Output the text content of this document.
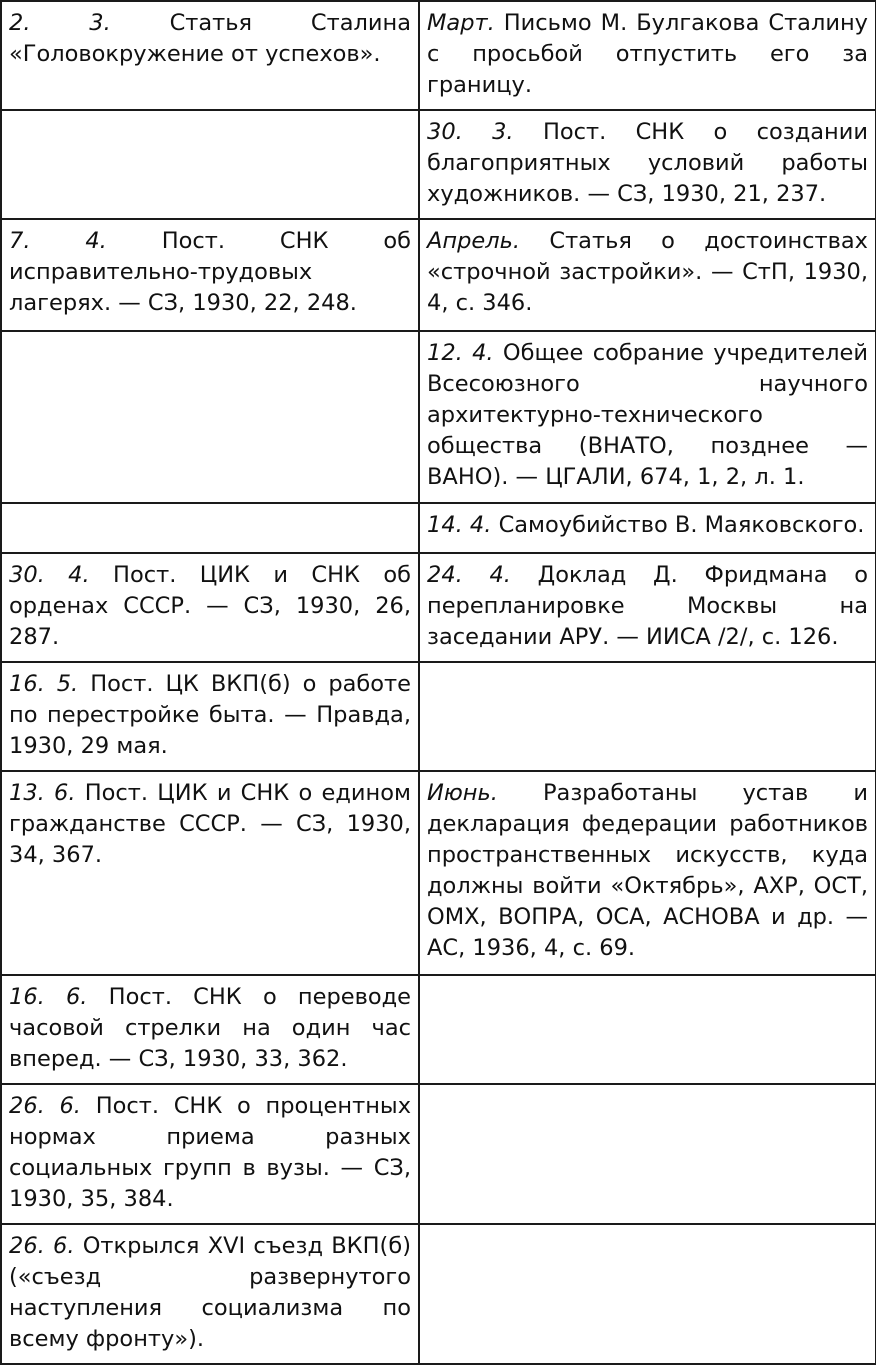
2. 3. Статья Сталина «Головокружение от успехов».	Март. Письмо М. Булгакова Сталину с просьбой отпустить его за границу.
	30. 3. Пост. СНК о создании благоприятных условий работы художников. — СЗ, 1930, 21, 237.
7. 4. Пост. СНК об исправительно-трудовых лагерях. — СЗ, 1930, 22, 248.	Апрель. Статья о достоинствах «строчной застройки». — СтП, 1930, 4, с. 346.
	12. 4. Общее собрание учредителей Всесоюзного научного архитектурно-технического общества (ВНАТО, позднее — ВАНО). — ЦГАЛИ, 674, 1, 2, л. 1.
	14. 4. Самоубийство В. Маяковского.
30. 4. Пост. ЦИК и СНК об орденах СССР. — СЗ, 1930, 26, 287.	24. 4. Доклад Д. Фридмана о перепланировке Москвы на заседании АРУ. — ИИСА /2/, с. 126.
16. 5. Пост. ЦК ВКП(б) о работе по перестройке быта. — Правда, 1930, 29 мая.	
13. 6. Пост. ЦИК и СНК о едином гражданстве СССР. — СЗ, 1930, 34, 367.	Июнь. Разработаны устав и декларация федерации работников пространственных искусств, куда должны войти «Октябрь», АХР, ОСТ, ОМХ, ВОПРА, ОСА, АСНОВА и др. — АС, 1936, 4, с. 69.
16. 6. Пост. СНК о переводе часовой стрелки на один час вперед. — СЗ, 1930, 33, 362.	
26. 6. Пост. СНК о процентных нормах приема разных социальных групп в вузы. — СЗ, 1930, 35, 384.	
26. 6. Открылся XVI съезд ВКП(б) («съезд развернутого наступления социализма по всему фронту»).	
